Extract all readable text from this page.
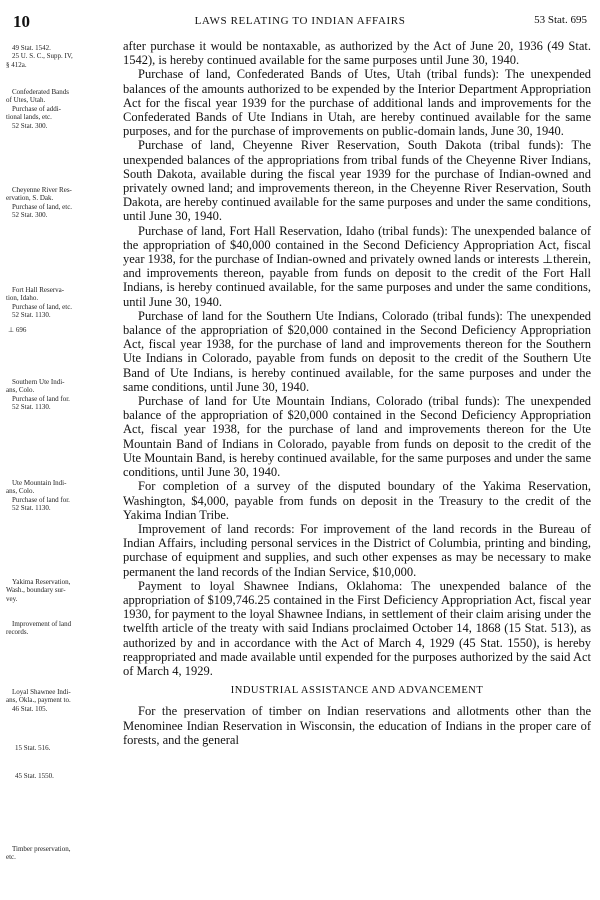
10	LAWS RELATING TO INDIAN AFFAIRS	53 Stat. 695
49 Stat. 1542.
25 U. S. C., Supp. IV,
§ 412a.
Confederated Bands
of Utes, Utah.
Purchase of addi-
tional lands, etc.
52 Stat. 300.
Cheyenne River Res-
ervation, S. Dak.
Purchase of land, etc.
52 Stat. 300.
Fort Hall Reserva-
tion, Idaho.
Purchase of land, etc.
52 Stat. 1130.
⊥ 696
Southern Ute Indi-
ans, Colo.
Purchase of land for.
52 Stat. 1130.
Ute Mountain Indi-
ans, Colo.
Purchase of land for.
52 Stat. 1130.
Yakima Reservation,
Wash., boundary sur-
vey.
Improvement of land
records.
Loyal Shawnee Indi-
ans, Okla., payment to.
46 Stat. 105.
15 Stat. 516.
45 Stat. 1550.
Timber preservation,
etc.

after purchase it would be nontaxable, as authorized by the Act of June 20, 1936 (49 Stat. 1542), is hereby continued available for the same purposes until June 30, 1940.

Purchase of land, Confederated Bands of Utes, Utah (tribal funds): The unexpended balances of the amounts authorized to be expended by the Interior Department Appropriation Act for the fiscal year 1939 for the purchase of additional lands and improvements for the Confederated Bands of Ute Indians in Utah, are hereby continued available for the same purposes, and for the purchase of improvements on public-domain lands, June 30, 1940.

Purchase of land, Cheyenne River Reservation, South Dakota (tribal funds): The unexpended balances of the appropriations from tribal funds of the Cheyenne River Indians, South Dakota, available during the fiscal year 1939 for the purchase of Indian-owned and privately owned land; and improvements thereon, in the Cheyenne River Reservation, South Dakota, are hereby continued available for the same purposes and under the same conditions, until June 30, 1940.

Purchase of land, Fort Hall Reservation, Idaho (tribal funds): The unexpended balance of the appropriation of $40,000 contained in the Second Deficiency Appropriation Act, fiscal year 1938, for the purchase of Indian-owned and privately owned lands or interests ⊥therein, and improvements thereon, payable from funds on deposit to the credit of the Fort Hall Indians, is hereby continued available, for the same purposes and under the same conditions, until June 30, 1940.

Purchase of land for the Southern Ute Indians, Colorado (tribal funds): The unexpended balance of the appropriation of $20,000 contained in the Second Deficiency Appropriation Act, fiscal year 1938, for the purchase of land and improvements thereon for the Southern Ute Indians in Colorado, payable from funds on deposit to the credit of the Southern Ute Band of Ute Indians, is hereby continued available, for the same purposes and under the same conditions, until June 30, 1940.

Purchase of land for Ute Mountain Indians, Colorado (tribal funds): The unexpended balance of the appropriation of $20,000 contained in the Second Deficiency Appropriation Act, fiscal year 1938, for the purchase of land and improvements thereon for the Ute Mountain Band of Indians in Colorado, payable from funds on deposit to the credit of the Ute Mountain Band, is hereby continued available, for the same purposes and under the same conditions, until June 30, 1940.

For completion of a survey of the disputed boundary of the Yakima Reservation, Washington, $4,000, payable from funds on deposit in the Treasury to the credit of the Yakima Indian Tribe.

Improvement of land records: For improvement of the land records in the Bureau of Indian Affairs, including personal services in the District of Columbia, printing and binding, purchase of equipment and supplies, and such other expenses as may be necessary to make permanent the land records of the Indian Service, $10,000.

Payment to loyal Shawnee Indians, Oklahoma: The unexpended balance of the appropriation of $109,746.25 contained in the First Deficiency Appropriation Act, fiscal year 1930, for payment to the loyal Shawnee Indians, in settlement of their claim arising under the twelfth article of the treaty with said Indians proclaimed October 14, 1868 (15 Stat. 513), as authorized by and in accordance with the Act of March 4, 1929 (45 Stat. 1550), is hereby reappropriated and made available until expended for the purposes authorized by the said Act of March 4, 1929.

INDUSTRIAL ASSISTANCE AND ADVANCEMENT

For the preservation of timber on Indian reservations and allotments other than the Menominee Indian Reservation in Wisconsin, the education of Indians in the proper care of forests, and the general
